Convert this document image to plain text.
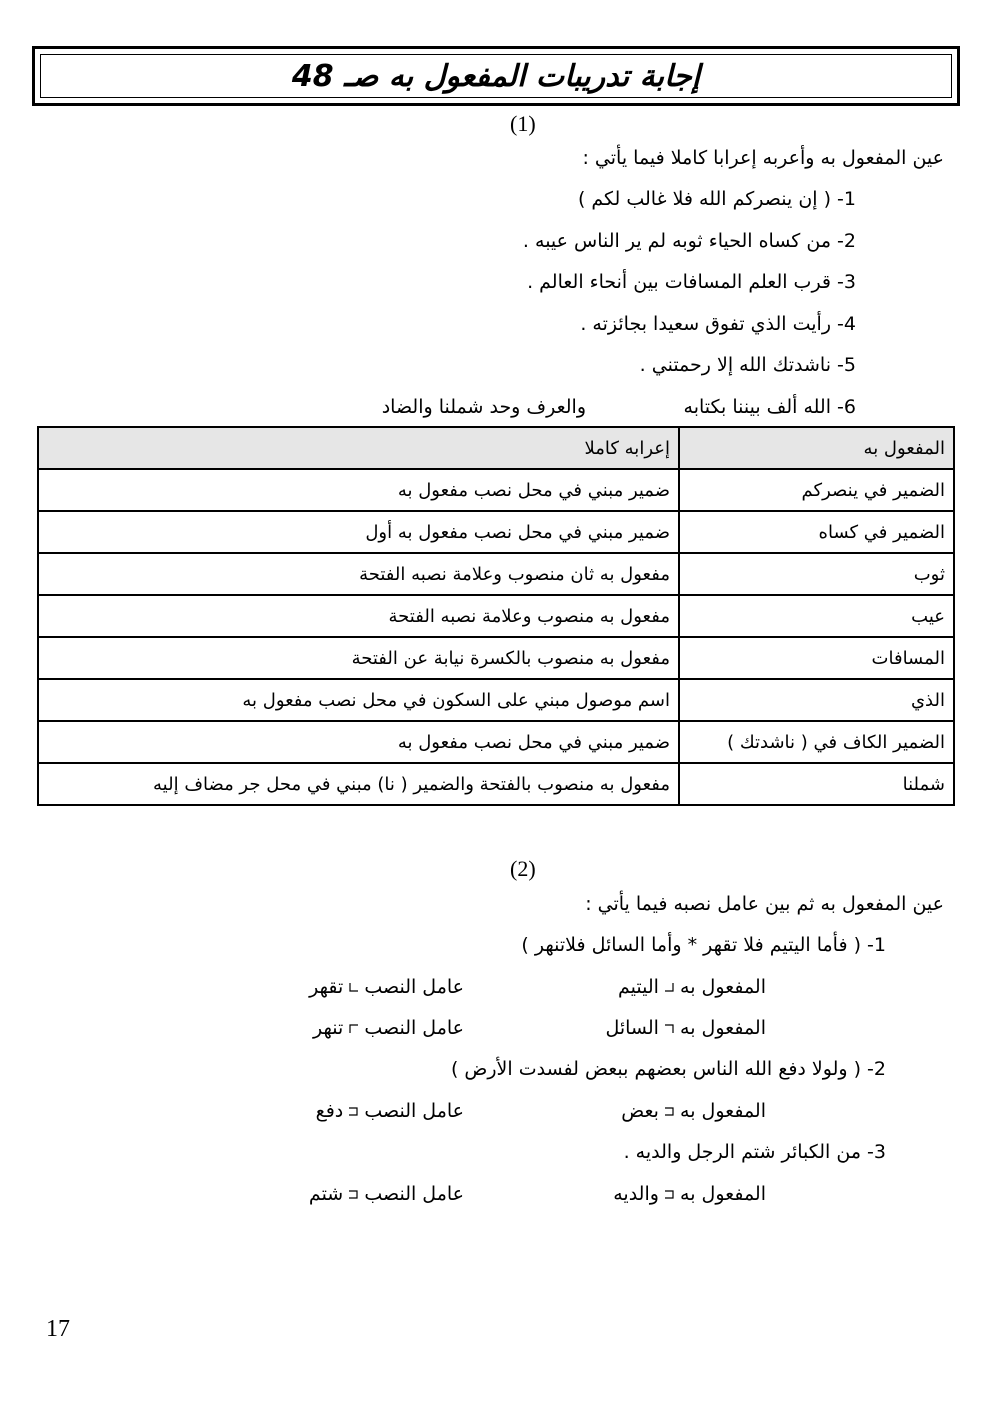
إجابة تدريبات المفعول به صـ 48
(1)
عين المفعول به وأعربه إعرابا كاملا فيما يأتي :
1- ( إن ينصركم الله فلا غالب لكم )
2- من كساه الحياء ثوبه لم ير الناس عيبه .
3- قرب العلم المسافات بين أنحاء العالم .
4- رأيت الذي تفوق سعيدا بجائزته .
5- ناشدتك الله إلا رحمتني .
6- الله ألف بيننا بكتابه
والعرف وحد شملنا والضاد
المفعول به	إعرابه كاملا
الضمير في ينصركم	ضمير مبني في محل نصب مفعول به
الضمير في كساه	ضمير مبني في محل نصب مفعول به أول
ثوب	مفعول به ثان منصوب وعلامة نصبه الفتحة
عيب	مفعول به منصوب وعلامة نصبه الفتحة
المسافات	مفعول به منصوب بالكسرة نيابة عن الفتحة
الذي	اسم موصول مبني على السكون في محل نصب مفعول به
الضمير الكاف في ( ناشدتك )	ضمير مبني في محل نصب مفعول به
شملنا	مفعول به منصوب بالفتحة والضمير ( نا) مبني في محل جر مضاف إليه
(2)
عين المفعول به ثم بين عامل نصبه فيما يأتي :
1- ( فأما اليتيم فلا تقهر * وأما السائل فلاتنهر )
المفعول به  اليتيم
عامل النصب  تقهر
المفعول به  السائل
عامل النصب  تنهر
2- ( ولولا دفع الله الناس بعضهم ببعض لفسدت الأرض )
المفعول به  بعض
عامل النصب  دفع
3- من الكبائر شتم الرجل والديه .
المفعول به  والديه
عامل النصب  شتم
17
